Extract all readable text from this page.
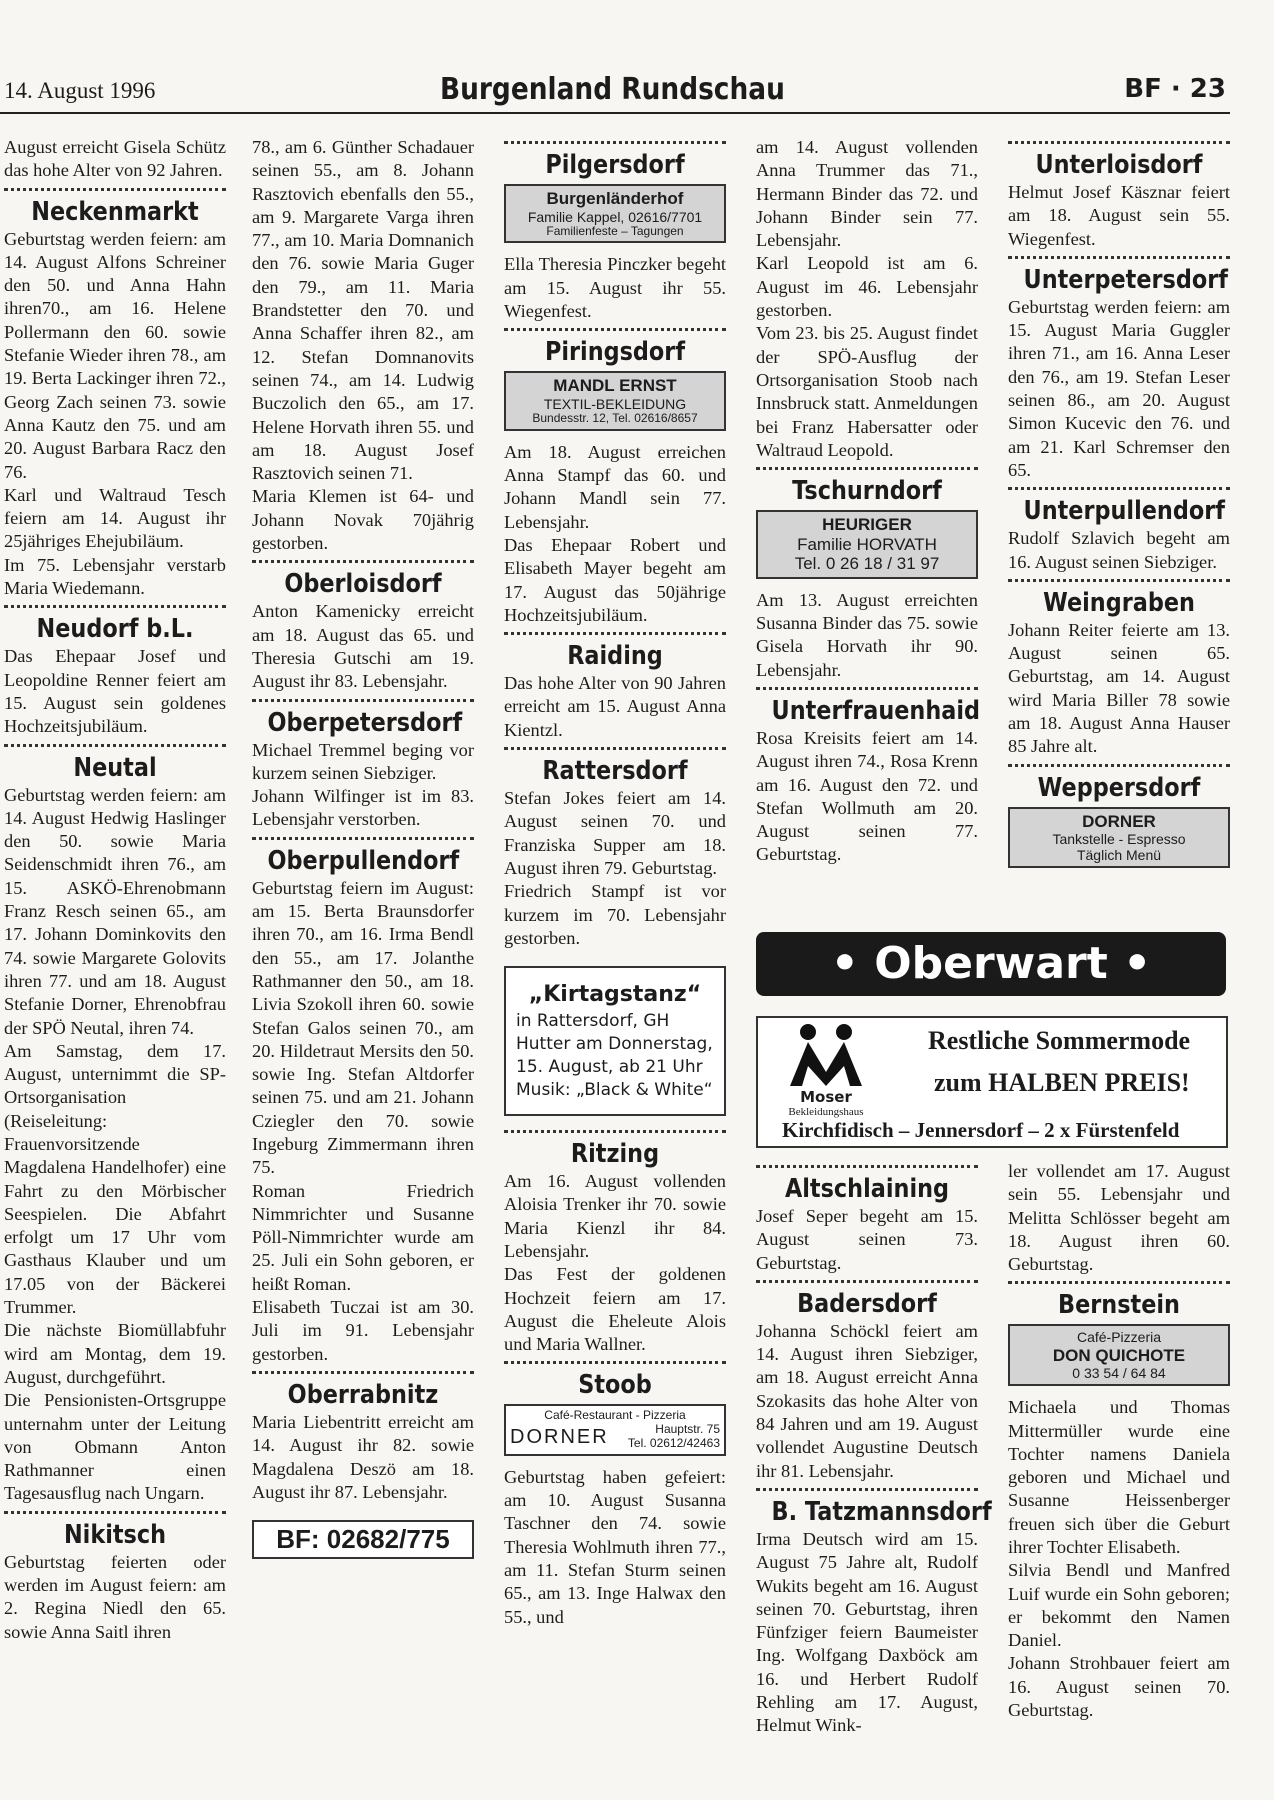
14. August 1996	Burgenland Rundschau	BF · 23

August erreicht Gisela Schütz das hohe Alter von 92 Jahren.

Neckenmarkt

Geburtstag werden feiern: am 14. August Alfons Schreiner den 50. und Anna Hahn ihren70., am 16. Helene Pollermann den 60. sowie Stefanie Wieder ihren 78., am 19. Berta Lackinger ihren 72., Georg Zach seinen 73. sowie Anna Kautz den 75. und am 20. August Barbara Racz den 76.

Karl und Waltraud Tesch feiern am 14. August ihr 25jähriges Ehejubiläum.

Im 75. Lebensjahr verstarb Maria Wiedemann.

Neudorf b.L.

Das Ehepaar Josef und Leopoldine Renner feiert am 15. August sein goldenes Hochzeitsjubiläum.

Neutal

Geburtstag werden feiern: am 14. August Hedwig Haslinger den 50. sowie Maria Seidenschmidt ihren 76., am 15. ASKÖ-Ehrenobmann Franz Resch seinen 65., am 17. Johann Dominkovits den 74. sowie Margarete Golovits ihren 77. und am 18. August Stefanie Dorner, Ehrenobfrau der SPÖ Neutal, ihren 74.

Am Samstag, dem 17. August, unternimmt die SP-Ortsorganisation (Reiseleitung: Frauenvorsitzende Magdalena Handelhofer) eine Fahrt zu den Mörbischer Seespielen. Die Abfahrt erfolgt um 17 Uhr vom Gasthaus Klauber und um 17.05 von der Bäckerei Trummer.

Die nächste Biomüllabfuhr wird am Montag, dem 19. August, durchgeführt.

Die Pensionisten-Ortsgruppe unternahm unter der Leitung von Obmann Anton Rathmanner einen Tagesausflug nach Ungarn.

Nikitsch

Geburtstag feierten oder werden im August feiern: am 2. Regina Niedl den 65. sowie Anna Saitl ihren

78., am 6. Günther Schadauer seinen 55., am 8. Johann Rasztovich ebenfalls den 55., am 9. Margarete Varga ihren 77., am 10. Maria Domnanich den 76. sowie Maria Guger den 79., am 11. Maria Brandstetter den 70. und Anna Schaffer ihren 82., am 12. Stefan Domnanovits seinen 74., am 14. Ludwig Buczolich den 65., am 17. Helene Horvath ihren 55. und am 18. August Josef Rasztovich seinen 71.

Maria Klemen ist 64- und Johann Novak 70jährig gestorben.

Oberloisdorf

Anton Kamenicky erreicht am 18. August das 65. und Theresia Gutschi am 19. August ihr 83. Lebensjahr.

Oberpetersdorf

Michael Tremmel beging vor kurzem seinen Siebziger.

Johann Wilfinger ist im 83. Lebensjahr verstorben.

Oberpullendorf

Geburtstag feiern im August: am 15. Berta Braunsdorfer ihren 70., am 16. Irma Bendl den 55., am 17. Jolanthe Rathmanner den 50., am 18. Livia Szokoll ihren 60. sowie Stefan Galos seinen 70., am 20. Hildetraut Mersits den 50. sowie Ing. Stefan Altdorfer seinen 75. und am 21. Johann Cziegler den 70. sowie Ingeburg Zimmermann ihren 75.

Roman Friedrich Nimmrichter und Susanne Pöll-Nimmrichter wurde am 25. Juli ein Sohn geboren, er heißt Roman.

Elisabeth Tuczai ist am 30. Juli im 91. Lebensjahr gestorben.

Oberrabnitz

Maria Liebentritt erreicht am 14. August ihr 82. sowie Magdalena Deszö am 18. August ihr 87. Lebensjahr.

BF: 02682/775
Pilgersdorf
Burgenländerhof
Familie Kappel, 02616/7701
Familienfeste – Tagungen

Ella Theresia Pinczker begeht am 15. August ihr 55. Wiegenfest.

Piringsdorf
MANDL ERNST
TEXTIL-BEKLEIDUNG
Bundesstr. 12, Tel. 02616/8657

Am 18. August erreichen Anna Stampf das 60. und Johann Mandl sein 77. Lebensjahr.

Das Ehepaar Robert und Elisabeth Mayer begeht am 17. August das 50jährige Hochzeitsjubiläum.

Raiding

Das hohe Alter von 90 Jahren erreicht am 15. August Anna Kientzl.

Rattersdorf

Stefan Jokes feiert am 14. August seinen 70. und Franziska Supper am 18. August ihren 79. Geburtstag.

Friedrich Stampf ist vor kurzem im 70. Lebensjahr gestorben.

„Kirtagstanz“
in Rattersdorf, GH Hutter am Donnerstag, 15. August, ab 21 Uhr
Musik: „Black & White“
Ritzing

Am 16. August vollenden Aloisia Trenker ihr 70. sowie Maria Kienzl ihr 84. Lebensjahr.

Das Fest der goldenen Hochzeit feiern am 17. August die Eheleute Alois und Maria Wallner.

Stoob
Café-Restaurant - Pizzeria
DORNER	Hauptstr. 75
Tel. 02612/42463

Geburtstag haben gefeiert: am 10. August Susanna Taschner den 74. sowie Theresia Wohlmuth ihren 77., am 11. Stefan Sturm seinen 65., am 13. Inge Halwax den 55., und

am 14. August vollenden Anna Trummer das 71., Hermann Binder das 72. und Johann Binder sein 77. Lebensjahr.

Karl Leopold ist am 6. August im 46. Lebensjahr gestorben.

Vom 23. bis 25. August findet der SPÖ-Ausflug der Ortsorganisation Stoob nach Innsbruck statt. Anmeldungen bei Franz Habersatter oder Waltraud Leopold.

Tschurndorf
HEURIGER
Familie HORVATH
Tel. 0 26 18 / 31 97

Am 13. August erreichten Susanna Binder das 75. sowie Gisela Horvath ihr 90. Lebensjahr.

Unterfrauenhaid

Rosa Kreisits feiert am 14. August ihren 74., Rosa Krenn am 16. August den 72. und Stefan Wollmuth am 20. August seinen 77. Geburtstag.

Unterloisdorf

Helmut Josef Käsznar feiert am 18. August sein 55. Wiegenfest.

Unterpetersdorf

Geburtstag werden feiern: am 15. August Maria Guggler ihren 71., am 16. Anna Leser den 76., am 19. Stefan Leser seinen 86., am 20. August Simon Kucevic den 76. und am 21. Karl Schremser den 65.

Unterpullendorf

Rudolf Szlavich begeht am 16. August seinen Siebziger.

Weingraben

Johann Reiter feierte am 13. August seinen 65. Geburtstag, am 14. August wird Maria Biller 78 sowie am 18. August Anna Hauser 85 Jahre alt.

Weppersdorf
DORNER
Tankstelle - Espresso
Täglich Menü
• Oberwart •
Moser
Bekleidungshaus
Restliche Sommermode
zum HALBEN PREIS!
Kirchfidisch – Jennersdorf – 2 x Fürstenfeld
Altschlaining

Josef Seper begeht am 15. August seinen 73. Geburtstag.

Badersdorf

Johanna Schöckl feiert am 14. August ihren Siebziger, am 18. August erreicht Anna Szokasits das hohe Alter von 84 Jahren und am 19. August vollendet Augustine Deutsch ihr 81. Lebensjahr.

B. Tatzmannsdorf

Irma Deutsch wird am 15. August 75 Jahre alt, Rudolf Wukits begeht am 16. August seinen 70. Geburtstag, ihren Fünfziger feiern Baumeister Ing. Wolfgang Daxböck am 16. und Herbert Rudolf Rehling am 17. August, Helmut Wink-

ler vollendet am 17. August sein 55. Lebensjahr und Melitta Schlösser begeht am 18. August ihren 60. Geburtstag.

Bernstein
Café-Pizzeria
DON QUICHOTE
0 33 54 / 64 84

Michaela und Thomas Mittermüller wurde eine Tochter namens Daniela geboren und Michael und Susanne Heissenberger freuen sich über die Geburt ihrer Tochter Elisabeth.

Silvia Bendl und Manfred Luif wurde ein Sohn geboren; er bekommt den Namen Daniel.

Johann Strohbauer feiert am 16. August seinen 70. Geburtstag.
